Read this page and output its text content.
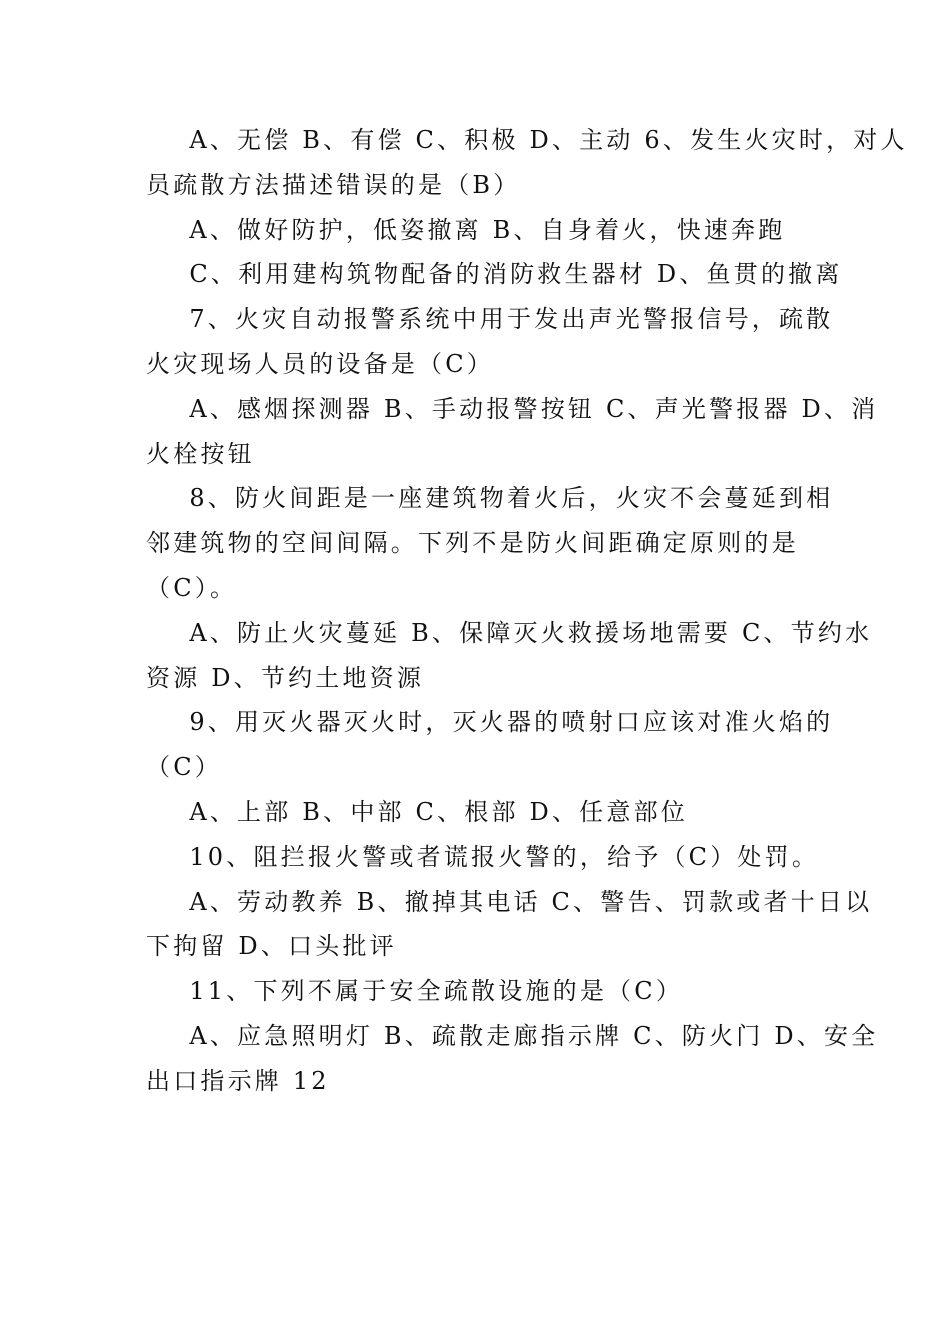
A、无偿 B、有偿 C、积极 D、主动 6、发生火灾时，对人
员疏散方法描述错误的是（B）
A、做好防护，低姿撤离 B、自身着火，快速奔跑
C、利用建构筑物配备的消防救生器材 D、鱼贯的撤离
7、火灾自动报警系统中用于发出声光警报信号，疏散
火灾现场人员的设备是（C）
A、感烟探测器 B、手动报警按钮 C、声光警报器 D、消
火栓按钮
8、防火间距是一座建筑物着火后，火灾不会蔓延到相
邻建筑物的空间间隔。下列不是防火间距确定原则的是
（C）。
A、防止火灾蔓延 B、保障灭火救援场地需要 C、节约水
资源 D、节约土地资源
9、用灭火器灭火时，灭火器的喷射口应该对准火焰的
（C）
A、上部 B、中部 C、根部 D、任意部位
10、阻拦报火警或者谎报火警的，给予（C）处罚。
A、劳动教养 B、撤掉其电话 C、警告、罚款或者十日以
下拘留 D、口头批评
11、下列不属于安全疏散设施的是（C）
A、应急照明灯 B、疏散走廊指示牌 C、防火门 D、安全
出口指示牌 12
